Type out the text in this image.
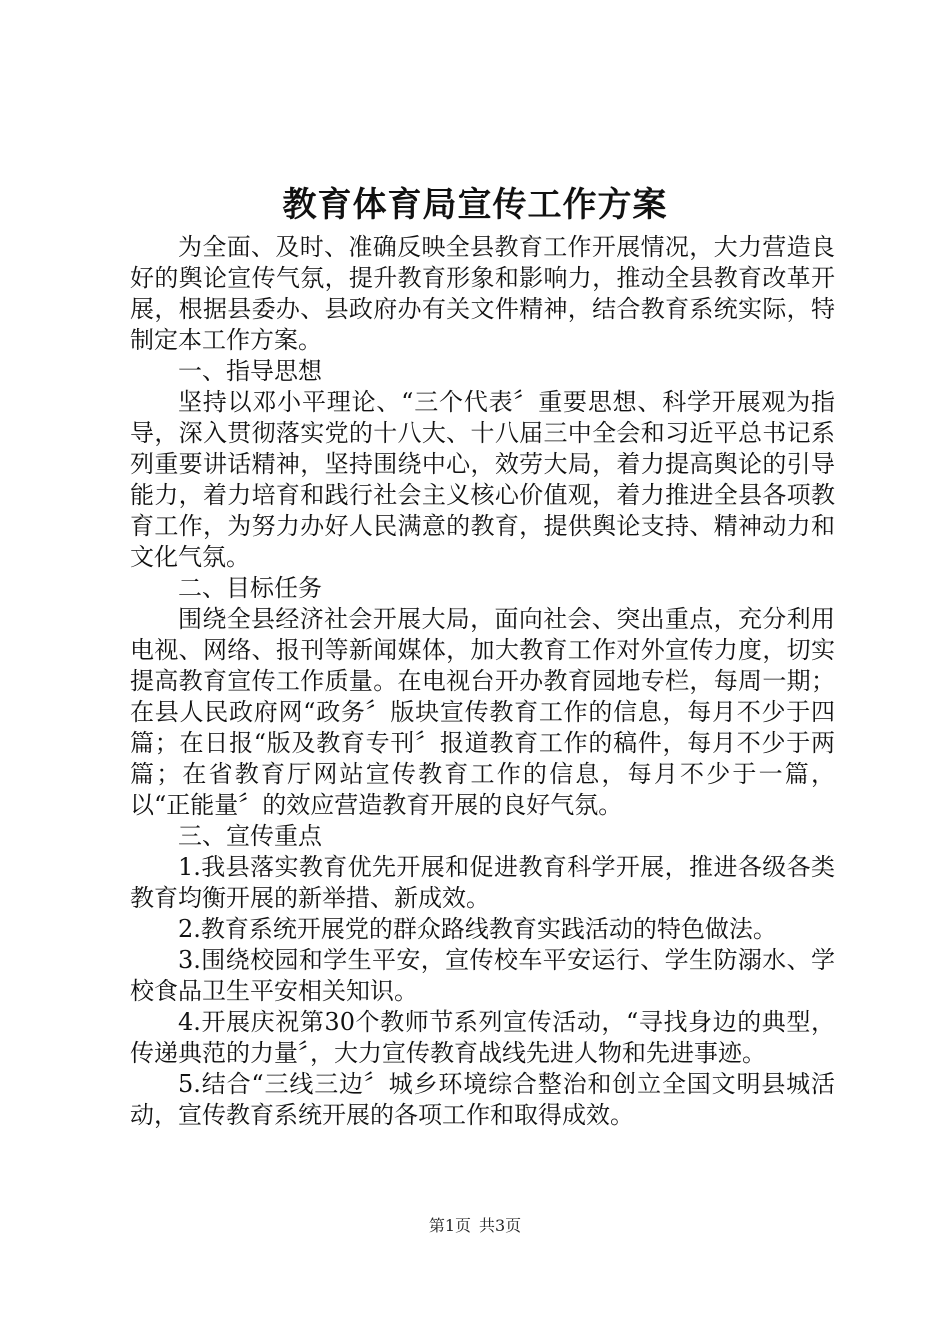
教育体育局宣传工作方案

为全面、及时、准确反映全县教育工作开展情况，大力营造良好的舆论宣传气氛，提升教育形象和影响力，推动全县教育改革开展，根据县委办、县政府办有关文件精神，结合教育系统实际，特制定本工作方案。

一、指导思想

坚持以邓小平理论、“三个代表〞重要思想、科学开展观为指导，深入贯彻落实党的十八大、十八届三中全会和习近平总书记系列重要讲话精神，坚持围绕中心，效劳大局，着力提高舆论的引导能力，着力培育和践行社会主义核心价值观，着力推进全县各项教育工作，为努力办好人民满意的教育，提供舆论支持、精神动力和文化气氛。

二、目标任务

围绕全县经济社会开展大局，面向社会、突出重点，充分利用电视、网络、报刊等新闻媒体，加大教育工作对外宣传力度，切实提高教育宣传工作质量。在电视台开办教育园地专栏，每周一期；在县人民政府网“政务〞版块宣传教育工作的信息，每月不少于四篇；在日报“版及教育专刊〞报道教育工作的稿件，每月不少于两篇；在省教育厅网站宣传教育工作的信息，每月不少于一篇，以“正能量〞的效应营造教育开展的良好气氛。

三、宣传重点

1.我县落实教育优先开展和促进教育科学开展，推进各级各类教育均衡开展的新举措、新成效。

2.教育系统开展党的群众路线教育实践活动的特色做法。

3.围绕校园和学生平安，宣传校车平安运行、学生防溺水、学校食品卫生平安相关知识。

4.开展庆祝第30个教师节系列宣传活动，“寻找身边的典型，传递典范的力量〞，大力宣传教育战线先进人物和先进事迹。

5.结合“三线三边〞城乡环境综合整治和创立全国文明县城活动，宣传教育系统开展的各项工作和取得成效。

第1页 共3页
